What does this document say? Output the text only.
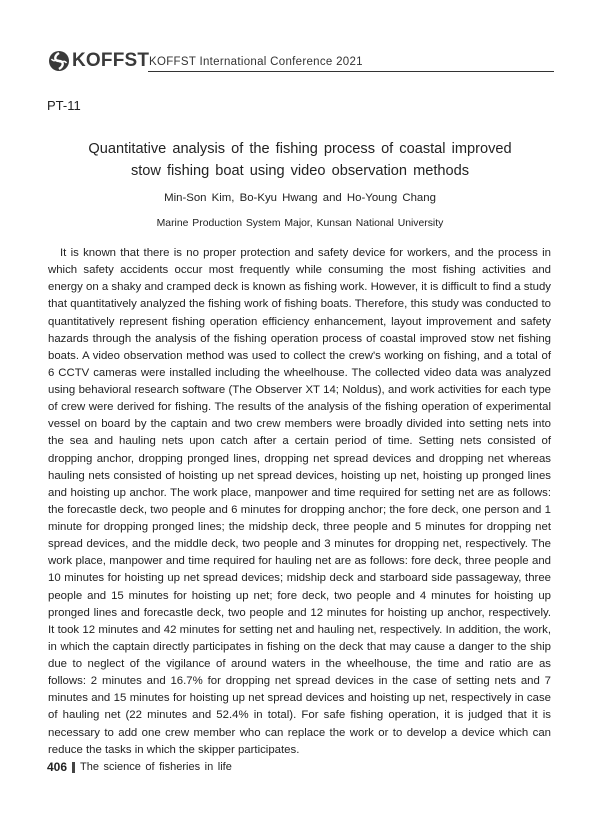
KOFFST KOFFST International Conference 2021
PT-11
Quantitative analysis of the fishing process of coastal improved
stow fishing boat using video observation methods
Min-Son Kim, Bo-Kyu Hwang and Ho-Young Chang
Marine Production System Major, Kunsan National University

It is known that there is no proper protection and safety device for workers, and the process in which safety accidents occur most frequently while consuming the most fishing activities and energy on a shaky and cramped deck is known as fishing work. However, it is difficult to find a study that quantitatively analyzed the fishing work of fishing boats. Therefore, this study was conducted to quantitatively represent fishing operation efficiency enhancement, layout improvement and safety hazards through the analysis of the fishing operation process of coastal improved stow net fishing boats. A video observation method was used to collect the crew's working on fishing, and a total of 6 CCTV cameras were installed including the wheelhouse. The collected video data was analyzed using behavioral research software (The Observer XT 14; Noldus), and work activities for each type of crew were derived for fishing. The results of the analysis of the fishing operation of experimental vessel on board by the captain and two crew members were broadly divided into setting nets into the sea and hauling nets upon catch after a certain period of time. Setting nets consisted of dropping anchor, dropping pronged lines, dropping net spread devices and dropping net whereas hauling nets consisted of hoisting up net spread devices, hoisting up net, hoisting up pronged lines and hoisting up anchor. The work place, manpower and time required for setting net are as follows: the forecastle deck, two people and 6 minutes for dropping anchor; the fore deck, one person and 1 minute for dropping pronged lines; the midship deck, three people and 5 minutes for dropping net spread devices, and the middle deck, two people and 3 minutes for dropping net, respectively. The work place, manpower and time required for hauling net are as follows: fore deck, three people and 10 minutes for hoisting up net spread devices; midship deck and starboard side passageway, three people and 15 minutes for hoisting up net; fore deck, two people and 4 minutes for hoisting up pronged lines and forecastle deck, two people and 12 minutes for hoisting up anchor, respectively. It took 12 minutes and 42 minutes for setting net and hauling net, respectively. In addition, the work, in which the captain directly participates in fishing on the deck that may cause a danger to the ship due to neglect of the vigilance of around waters in the wheelhouse, the time and ratio are as follows: 2 minutes and 16.7% for dropping net spread devices in the case of setting nets and 7 minutes and 15 minutes for hoisting up net spread devices and hoisting up net, respectively in case of hauling net (22 minutes and 52.4% in total). For safe fishing operation, it is judged that it is necessary to add one crew member who can replace the work or to develop a device which can reduce the tasks in which the skipper participates.

406 The science of fisheries in life
